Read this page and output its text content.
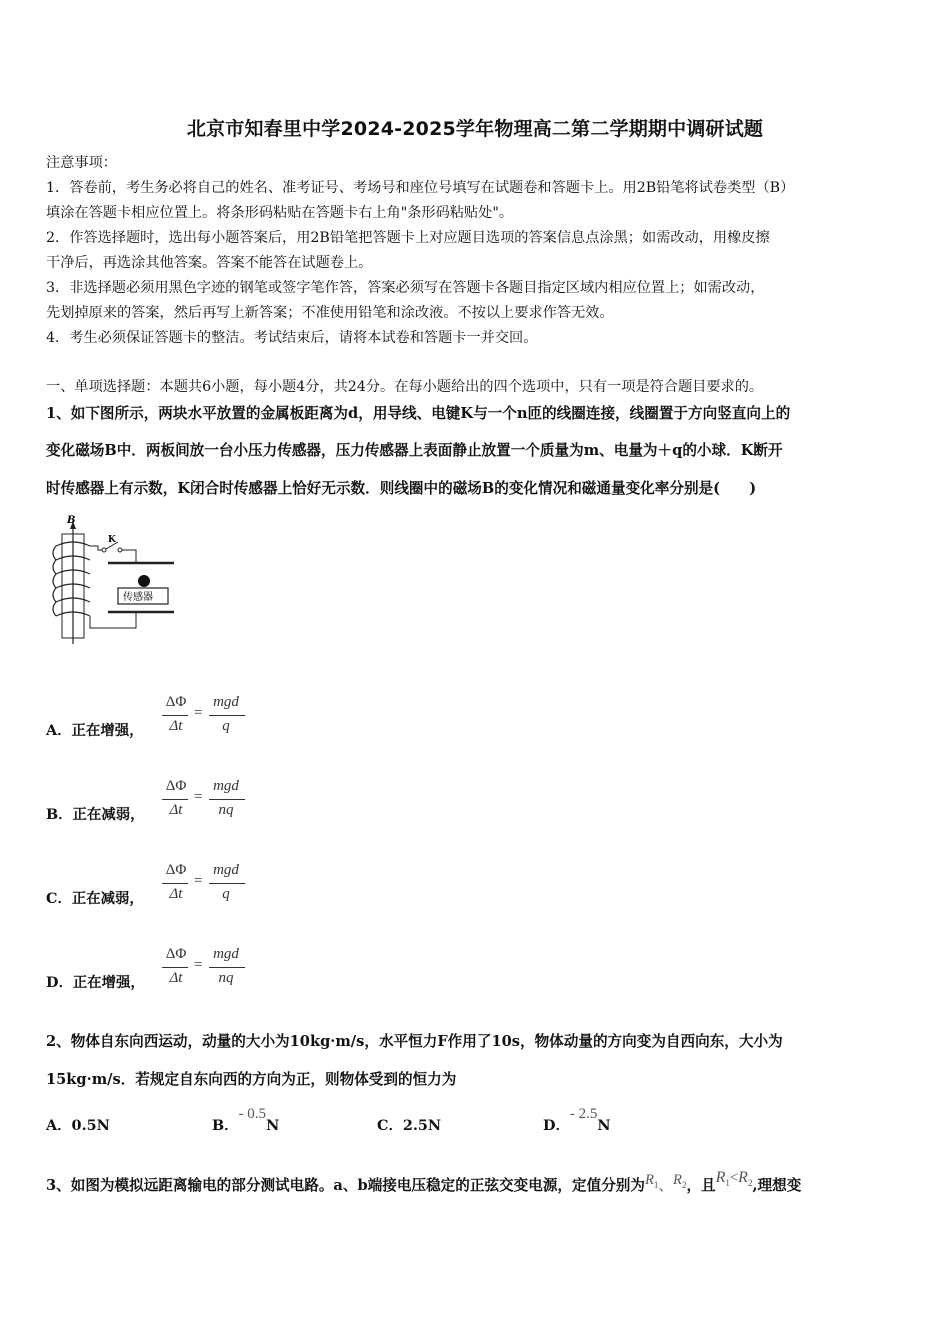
北京市知春里中学2024-2025学年物理高二第二学期期中调研试题
注意事项：
1．答卷前，考生务必将自己的姓名、准考证号、考场号和座位号填写在试题卷和答题卡上。用2B铅笔将试卷类型（B）
填涂在答题卡相应位置上。将条形码粘贴在答题卡右上角"条形码粘贴处"。
2．作答选择题时，选出每小题答案后，用2B铅笔把答题卡上对应题目选项的答案信息点涂黑；如需改动，用橡皮擦
干净后，再选涂其他答案。答案不能答在试题卷上。
3．非选择题必须用黑色字迹的钢笔或签字笔作答，答案必须写在答题卡各题目指定区域内相应位置上；如需改动，
先划掉原来的答案，然后再写上新答案；不准使用铅笔和涂改液。不按以上要求作答无效。
4．考生必须保证答题卡的整洁。考试结束后，请将本试卷和答题卡一并交回。
一、单项选择题：本题共6小题，每小题4分，共24分。在每小题给出的四个选项中，只有一项是符合题目要求的。
1、如下图所示，两块水平放置的金属板距离为d，用导线、电键K与一个n匝的线圈连接，线圈置于方向竖直向上的
变化磁场B中．两板间放一台小压力传感器，压力传感器上表面静止放置一个质量为m、电量为＋q的小球．K断开
时传感器上有示数，K闭合时传感器上恰好无示数．则线圈中的磁场B的变化情况和磁通量变化率分别是(　　)
B
K
传感器
A．正在增强，
ΔΦ
Δt
=
mgd
q
B．正在减弱，
ΔΦ
Δt
=
mgd
nq
C．正在减弱，
ΔΦ
Δt
=
mgd
q
D．正在增强，
ΔΦ
Δt
=
mgd
nq
2、物体自东向西运动，动量的大小为10kg·m/s，水平恒力F作用了10s，物体动量的方向变为自西向东，大小为
15kg·m/s．若规定自东向西的方向为正，则物体受到的恒力为
A．0.5N	B．- 0.5N	C．2.5N	D．- 2.5N
3、如图为模拟远距离输电的部分测试电路。a、b端接电压稳定的正弦交变电源，定值分别为$R_1$、$R_2$，且$R_1<R_2$,理想变
